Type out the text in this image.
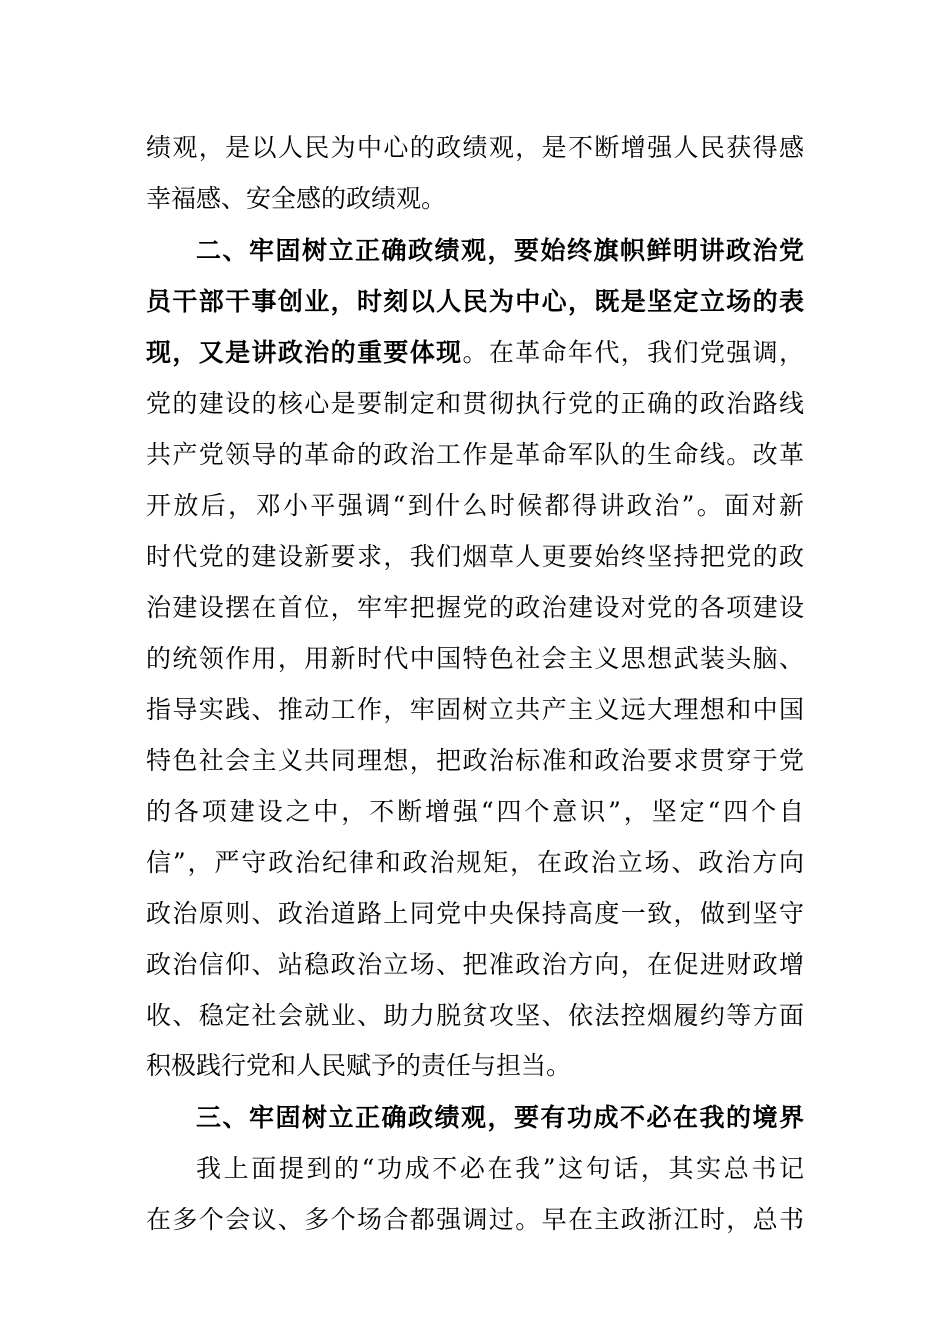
绩观，是以人民为中心的政绩观，是不断增强人民获得感
幸福感、安全感的政绩观。
二、牢固树立正确政绩观，要始终旗帜鲜明讲政治党
员干部干事创业，时刻以人民为中心，既是坚定立场的表
现，又是讲政治的重要体现。在革命年代，我们党强调，
党的建设的核心是要制定和贯彻执行党的正确的政治路线
共产党领导的革命的政治工作是革命军队的生命线。改革
开放后，邓小平强调“到什么时候都得讲政治”。面对新
时代党的建设新要求，我们烟草人更要始终坚持把党的政
治建设摆在首位，牢牢把握党的政治建设对党的各项建设
的统领作用，用新时代中国特色社会主义思想武装头脑、
指导实践、推动工作，牢固树立共产主义远大理想和中国
特色社会主义共同理想，把政治标准和政治要求贯穿于党
的各项建设之中，不断增强“四个意识”，坚定“四个自
信”，严守政治纪律和政治规矩，在政治立场、政治方向
政治原则、政治道路上同党中央保持高度一致，做到坚守
政治信仰、站稳政治立场、把准政治方向，在促进财政增
收、稳定社会就业、助力脱贫攻坚、依法控烟履约等方面
积极践行党和人民赋予的责任与担当。
三、牢固树立正确政绩观，要有功成不必在我的境界
我上面提到的“功成不必在我”这句话，其实总书记
在多个会议、多个场合都强调过。早在主政浙江时，总书
